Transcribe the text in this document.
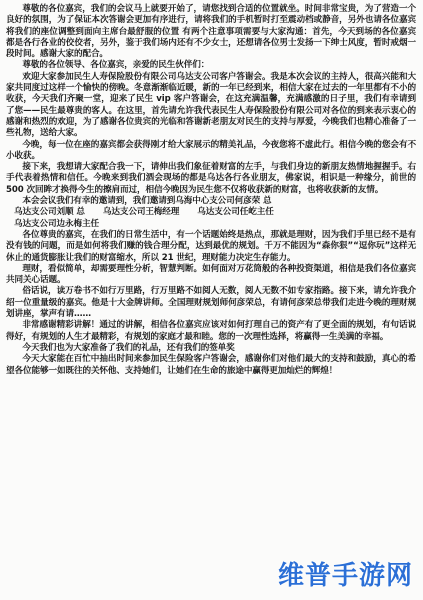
尊敬的各位嘉宾，我们的会议马上就要开始了，请您找到合适的位置就坐。时间非常宝贵，为了营造一个良好的氛围，为了保证本次答谢会更加有序进行，请将我们的手机暂时打至震动档或静音，另外也请各位嘉宾将我们的座位调整到面向主席台最舒服的位置 有两个注意事项需要与大家沟通：首先，今天到场的各位嘉宾都是各行各业的佼佼者，另外，鉴于我们场内还有不少女士，还想请各位男士发扬一下绅士风度，暂时戒烟一段时间。感谢大家的配合。

尊敬的各位领导、各位嘉宾，亲爱的民生伙伴们：

欢迎大家参加民生人寿保险股份有限公司乌达支公司客户答谢会。我是本次会议的主持人，很高兴能和大家共同度过这样一个愉快的傍晚。冬意渐渐临近暖，新的一年已经到来，相信大家在过去的一年里都有不小的收获，今天我们齐聚一堂，迎来了民生 vip 客户答谢会，在这充满温馨，充满感激的日子里，我们有幸请到了您——民生最尊贵的客人。在这里，首先请允许我代表民生人寿保险股份有限公司对各位的到来表示衷心的感谢和热烈的欢迎，为了感谢各位贵宾的光临和答谢新老朋友对民生的支持与厚爱，今晚我们也精心准备了一些礼物，送给大家。

今晚，每一位在座的嘉宾都会获得刚才给大家展示的精美礼品，今夜您将不虚此行。相信今晚的您会有不小收获。

接下来，我想请大家配合我一下，请伸出我们象征着财富的左手，与我们身边的新朋友热情地握握手。右手代表着热情和信任。今晚来到我们酒会现场的都是乌达各行各业朋友，佛家说，相识是一种缘分，前世的 500 次回眸才换得今生的擦肩而过，相信今晚因为民生您不仅将收获新的财富，也将收获新的友情。

本会会议我们有幸的邀请到，我们邀请到乌海中心支公司何彦荣 总

乌达支公司刘顺 总 乌达支公司王梅经理 乌达支公司任屹主任

乌达支公司边永梅主任

各位尊贵的嘉宾，在我们的日常生活中，有一个话题始终是热点，那就是理财，因为我们手里已经不是有没有钱的问题，而是如何将我们赚的钱合理分配，达到最优的规划。千万不能因为“森你狠”“逗你玩”这样无休止的通货膨胀让我们的财富缩水，所以 21 世纪，理财能力决定生存能力。

理财，看似简单，却需要理性分析，智慧判断。如何面对万花筒般的各种投资渠道，相信是我们各位嘉宾共同关心话题。

俗话说，读万卷书不如行万里路，行万里路不如阅人无数，阅人无数不如专家指路。接下来，请允许我介绍一位重量级的嘉宾。他是十大金牌讲师。全国理财规划师何彦荣总，有请何彦荣总带我们走进今晚的理财规划讲座，掌声有请……

非常感谢精彩讲解！通过的讲解，相信各位嘉宾应该对如何打理自己的资产有了更全面的规划，有句话说得好，有规划的人生才最精彩，有规划的家庭才最和睦。您的一次理性选择，将赢得一生美满的幸福。

今天我们也为大家准备了我们的礼品，还有我们的签单奖

今天大家能在百忙中抽出时间来参加民生保险客户答谢会，感谢你们对他们最大的支持和鼓励，真心的希望各位能够一如既往的关怀他、支持她们，让她们在生命的旅途中赢得更加灿烂的辉煌！

维普手游网
